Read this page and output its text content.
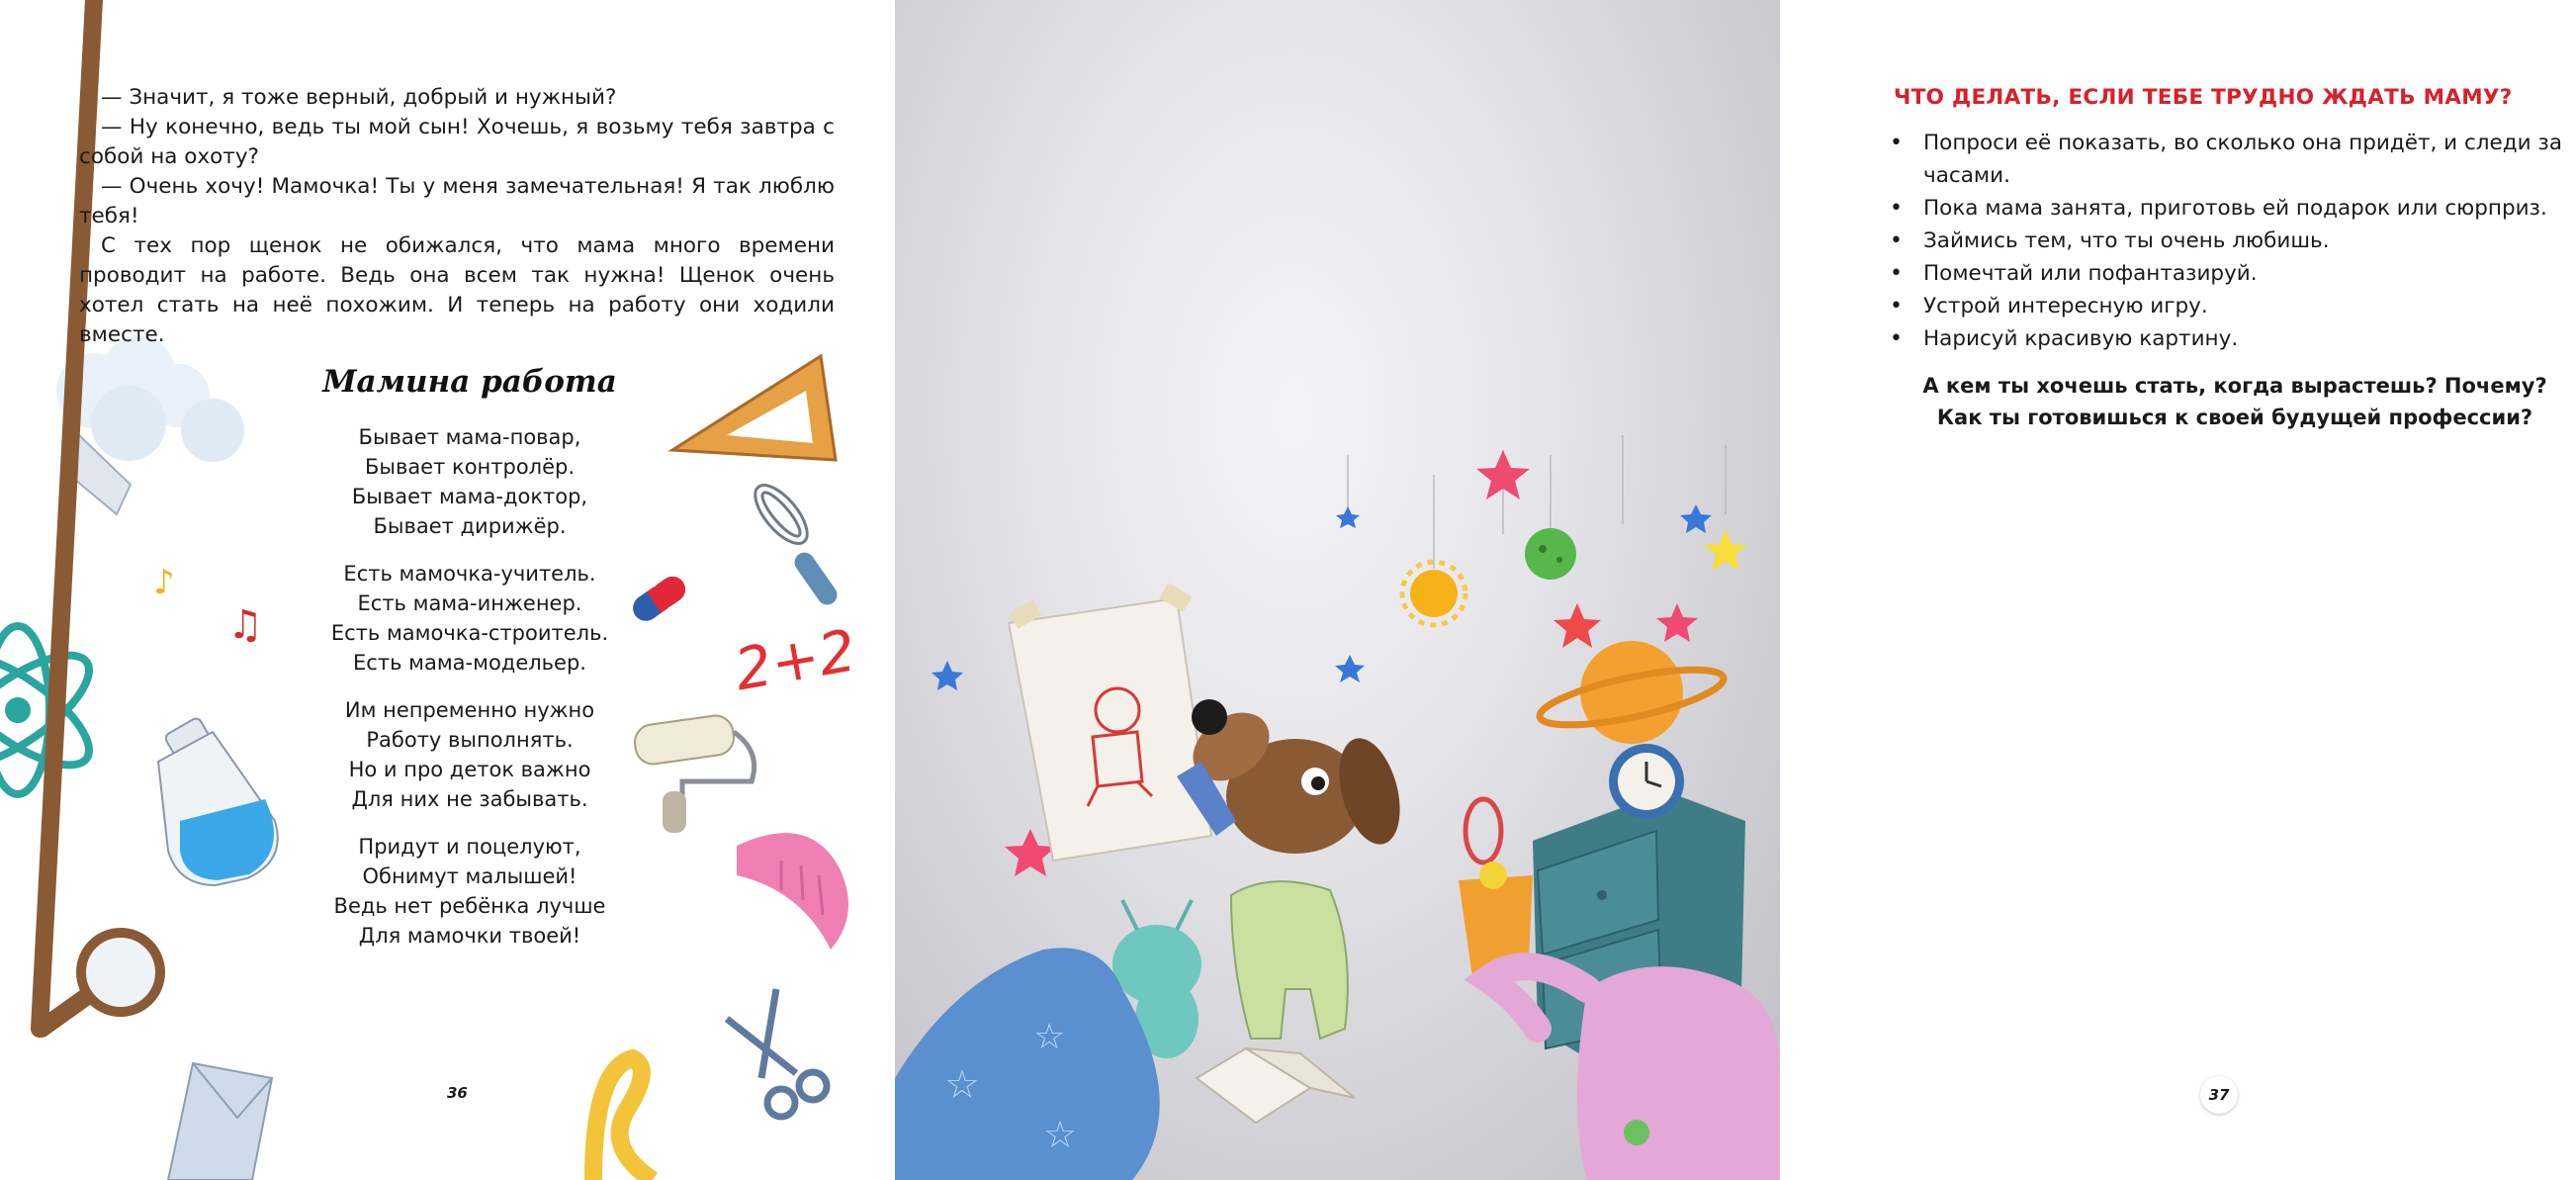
♪
♫	2+2

— Значит, я тоже верный, добрый и нужный?

— Ну конечно, ведь ты мой сын! Хочешь, я возьму тебя завтра с собой на охоту?

— Очень хочу! Мамочка! Ты у меня замечательная! Я так люблю тебя!

С тех пор щенок не обижался, что мама много времени проводит на работе. Ведь она всем так нужна! Щенок очень хотел стать на неё похожим. И теперь на работу они ходили вместе.

Мамина работа
Бывает мама-повар,
Бывает контролёр.
Бывает мама-доктор,
Бывает дирижёр.
Есть мамочка-учитель.
Есть мама-инженер.
Есть мамочка-строитель.
Есть мама-модельер.
Им непременно нужно
Работу выполнять.
Но и про деток важно
Для них не забывать.
Придут и поцелуют,
Обнимут малышей!
Ведь нет ребёнка лучше
Для мамочки твоей!
36	☆
☆
☆
ЧТО ДЕЛАТЬ, ЕСЛИ ТЕБЕ ТРУДНО ЖДАТЬ МАМУ?
• Попроси её показать, во сколько она придёт, и следи за часами.
• Пока мама занята, приготовь ей подарок или сюрприз.
• Займись тем, что ты очень любишь.
• Помечтай или пофантазируй.
• Устрой интересную игру.
• Нарисуй красивую картину.
А кем ты хочешь стать, когда вырастешь? Почему?
Как ты готовишься к своей будущей профессии?
37
